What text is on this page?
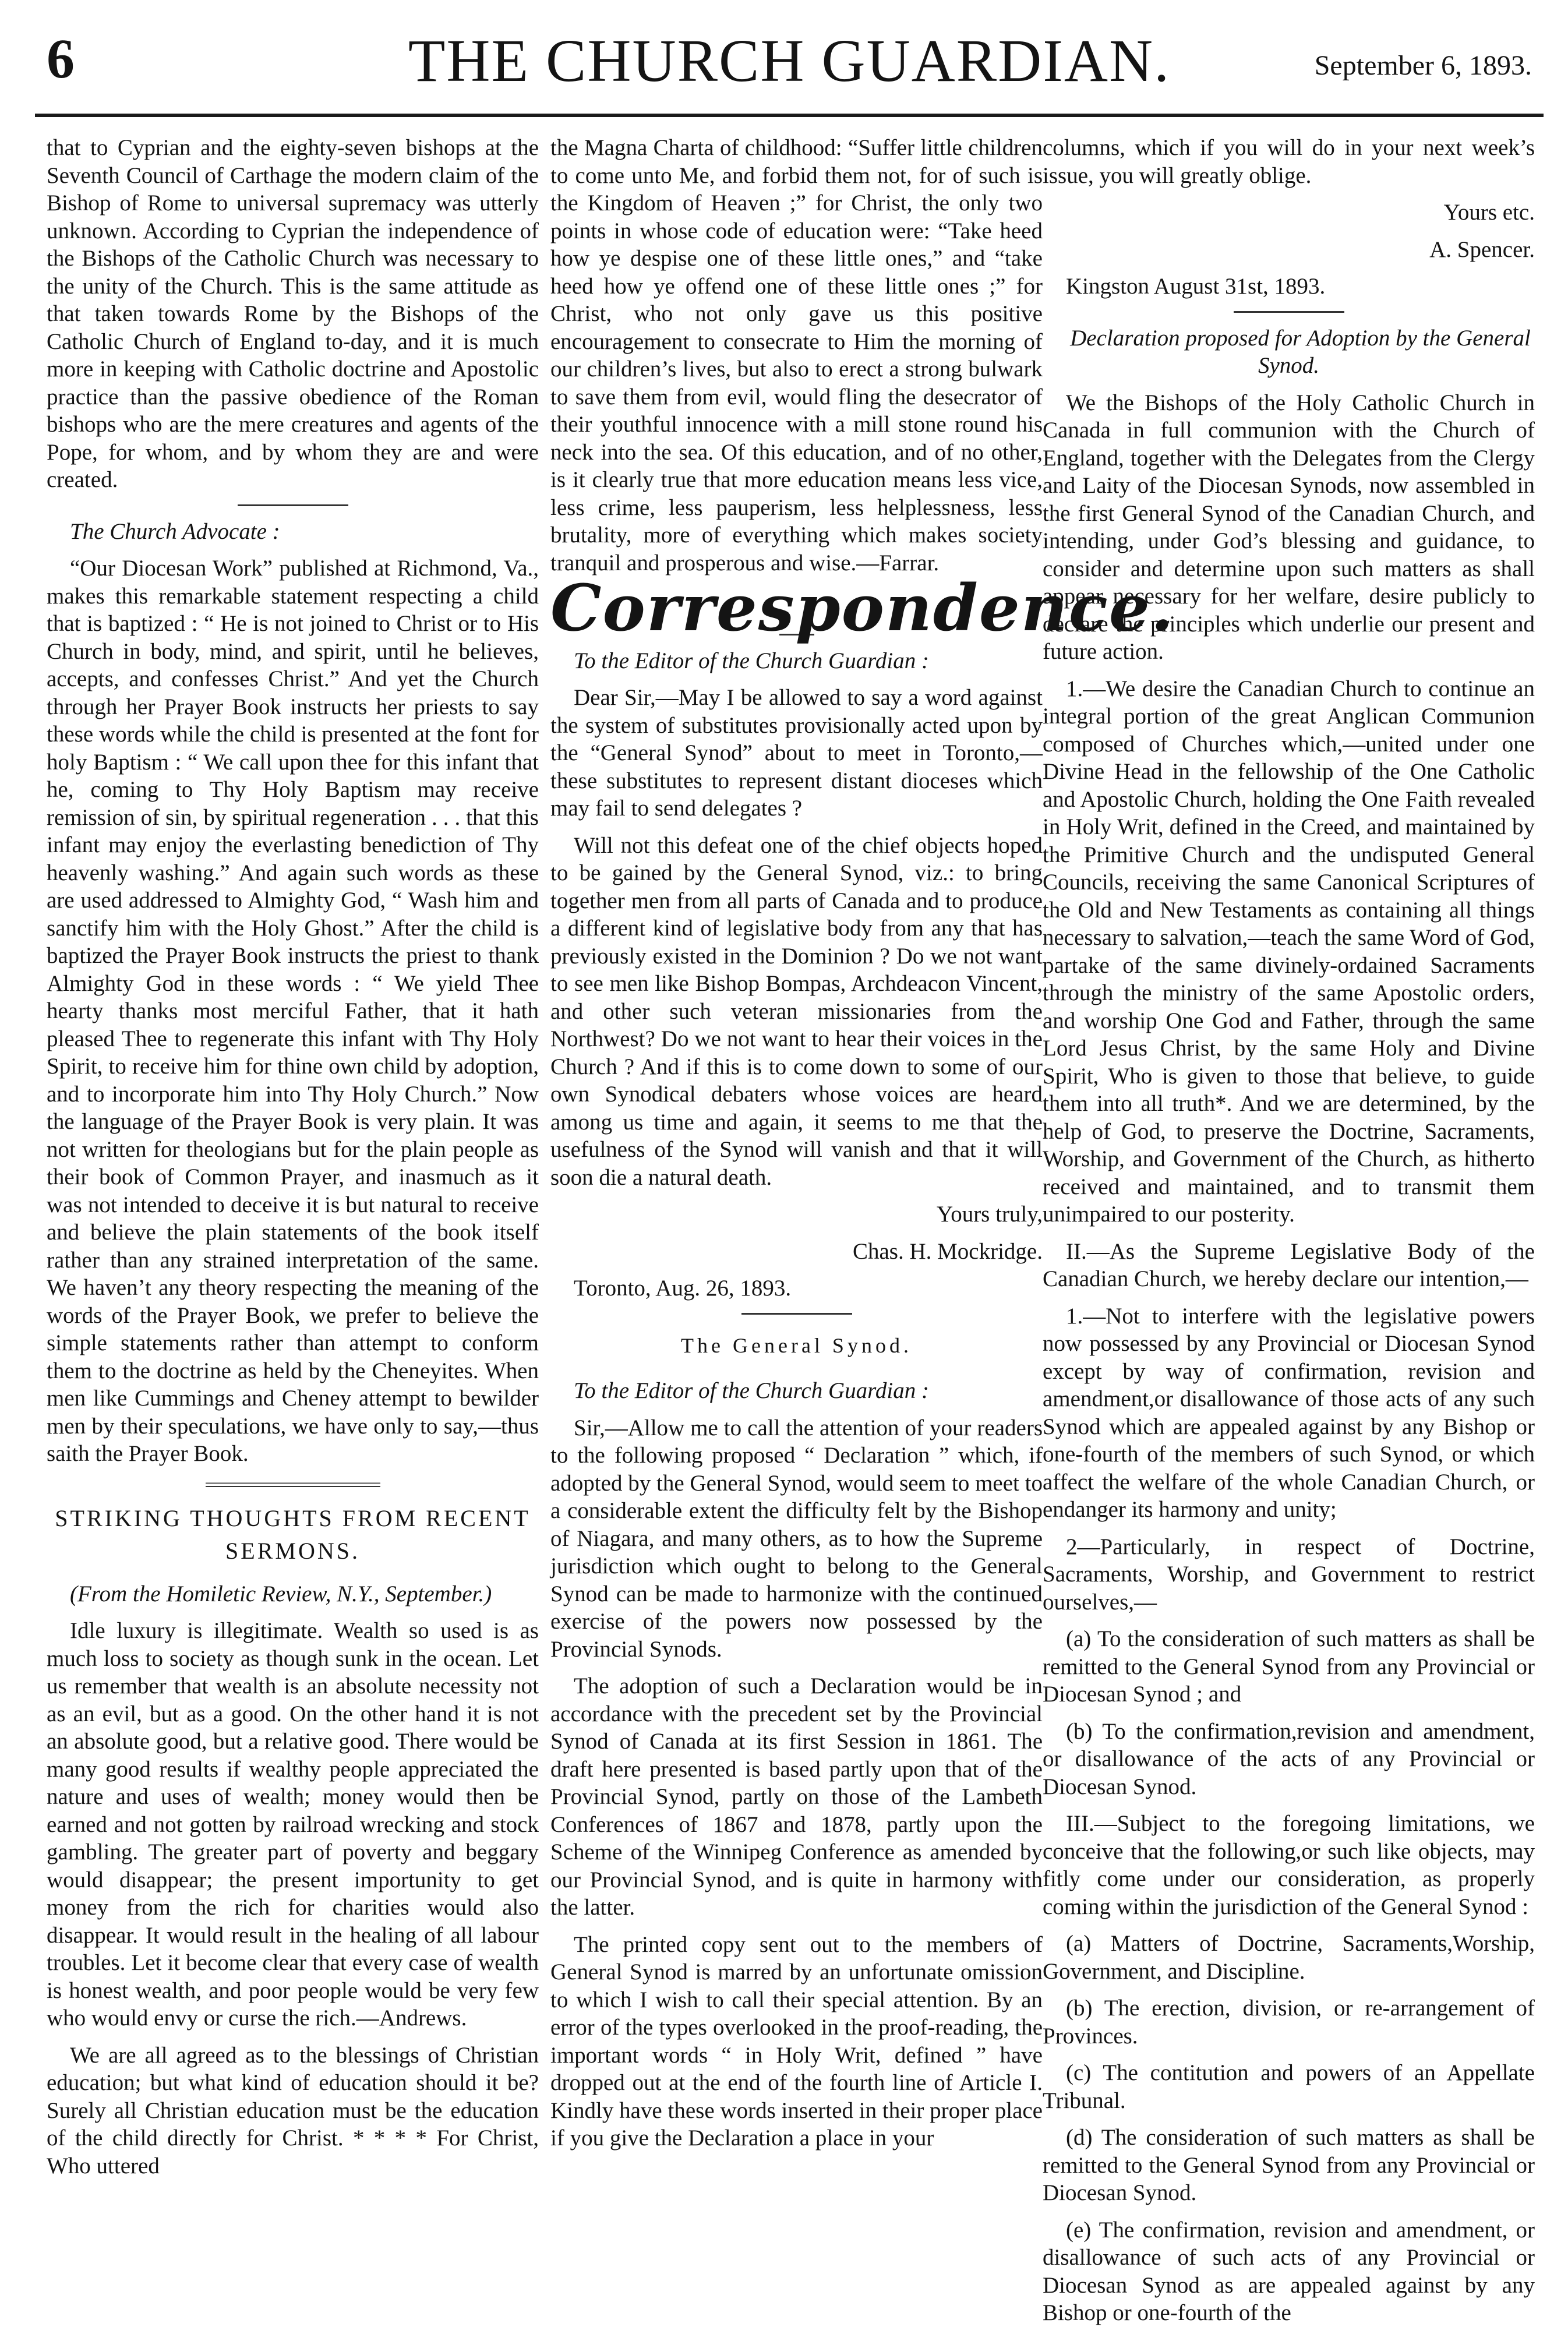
6	THE CHURCH GUARDIAN.	September 6, 1893.

that to Cyprian and the eighty-seven bishops at the Seventh Council of Carthage the modern claim of the Bishop of Rome to universal supremacy was utterly unknown. According to Cyprian the independence of the Bishops of the Catholic Church was necessary to the unity of the Church. This is the same attitude as that taken towards Rome by the Bishops of the Catholic Church of England to-day, and it is much more in keeping with Catholic doctrine and Apostolic practice than the passive obedience of the Roman bishops who are the mere creatures and agents of the Pope, for whom, and by whom they are and were created.

The Church Advocate :

“Our Diocesan Work” published at Richmond, Va., makes this remarkable statement respecting a child that is baptized : “ He is not joined to Christ or to His Church in body, mind, and spirit, until he believes, accepts, and confesses Christ.” And yet the Church through her Prayer Book instructs her priests to say these words while the child is presented at the font for holy Baptism : “ We call upon thee for this infant that he, coming to Thy Holy Baptism may receive remission of sin, by spiritual regeneration . . . that this infant may enjoy the everlasting benediction of Thy heavenly washing.” And again such words as these are used addressed to Almighty God, “ Wash him and sanctify him with the Holy Ghost.” After the child is baptized the Prayer Book instructs the priest to thank Almighty God in these words : “ We yield Thee hearty thanks most merciful Father, that it hath pleased Thee to regenerate this infant with Thy Holy Spirit, to receive him for thine own child by adoption, and to incorporate him into Thy Holy Church.” Now the language of the Prayer Book is very plain. It was not written for theologians but for the plain people as their book of Common Prayer, and inasmuch as it was not intended to deceive it is but natural to receive and believe the plain statements of the book itself rather than any strained interpretation of the same. We haven’t any theory respecting the meaning of the words of the Prayer Book, we prefer to believe the simple statements rather than attempt to conform them to the doctrine as held by the Cheneyites. When men like Cummings and Cheney attempt to bewilder men by their speculations, we have only to say,—thus saith the Prayer Book.

STRIKING THOUGHTS FROM RECENT SERMONS.

(From the Homiletic Review, N.Y., September.)

Idle luxury is illegitimate. Wealth so used is as much loss to society as though sunk in the ocean. Let us remember that wealth is an absolute necessity not as an evil, but as a good. On the other hand it is not an absolute good, but a relative good. There would be many good results if wealthy people appreciated the nature and uses of wealth; money would then be earned and not gotten by railroad wrecking and stock gambling. The greater part of poverty and beggary would disappear; the present importunity to get money from the rich for charities would also disappear. It would result in the healing of all labour troubles. Let it become clear that every case of wealth is honest wealth, and poor people would be very few who would envy or curse the rich.—Andrews.

We are all agreed as to the blessings of Christian education; but what kind of education should it be? Surely all Christian education must be the education of the child directly for Christ. * * * * For Christ, Who uttered

the Magna Charta of childhood: “Suffer little children to come unto Me, and forbid them not, for of such is the Kingdom of Heaven ;” for Christ, the only two points in whose code of education were: “Take heed how ye despise one of these little ones,” and “take heed how ye offend one of these little ones ;” for Christ, who not only gave us this positive encouragement to consecrate to Him the morning of our children’s lives, but also to erect a strong bulwark to save them from evil, would fling the desecrator of their youthful innocence with a mill stone round his neck into the sea. Of this education, and of no other, is it clearly true that more education means less vice, less crime, less pauperism, less helplessness, less brutality, more of everything which makes society tranquil and prosperous and wise.—Farrar.

Correspondence.

To the Editor of the Church Guardian :

Dear Sir,—May I be allowed to say a word against the system of substitutes provisionally acted upon by the “General Synod” about to meet in Toronto,—these substitutes to represent distant dioceses which may fail to send delegates ?

Will not this defeat one of the chief objects hoped to be gained by the General Synod, viz.: to bring together men from all parts of Canada and to produce a different kind of legislative body from any that has previously existed in the Dominion ? Do we not want to see men like Bishop Bompas, Archdeacon Vincent, and other such veteran missionaries from the Northwest? Do we not want to hear their voices in the Church ? And if this is to come down to some of our own Synodical debaters whose voices are heard among us time and again, it seems to me that the usefulness of the Synod will vanish and that it will soon die a natural death.

Yours truly,

Chas. H. Mockridge.

Toronto, Aug. 26, 1893.

The General Synod.

To the Editor of the Church Guardian :

Sir,—Allow me to call the attention of your readers to the following proposed “ Declaration ” which, if adopted by the General Synod, would seem to meet to a considerable extent the difficulty felt by the Bishop of Niagara, and many others, as to how the Supreme jurisdiction which ought to belong to the General Synod can be made to harmonize with the continued exercise of the powers now possessed by the Provincial Synods.

The adoption of such a Declaration would be in accordance with the precedent set by the Provincial Synod of Canada at its first Session in 1861. The draft here presented is based partly upon that of the Provincial Synod, partly on those of the Lambeth Conferences of 1867 and 1878, partly upon the Scheme of the Winnipeg Conference as amended by our Provincial Synod, and is quite in harmony with the latter.

The printed copy sent out to the members of General Synod is marred by an unfortunate omission to which I wish to call their special attention. By an error of the types overlooked in the proof-reading, the important words “ in Holy Writ, defined ” have dropped out at the end of the fourth line of Article I. Kindly have these words inserted in their proper place if you give the Declaration a place in your

columns, which if you will do in your next week’s issue, you will greatly oblige.

Yours etc.

A. Spencer.

Kingston August 31st, 1893.

Declaration proposed for Adoption by the General Synod.

We the Bishops of the Holy Catholic Church in Canada in full communion with the Church of England, together with the Delegates from the Clergy and Laity of the Diocesan Synods, now assembled in the first General Synod of the Canadian Church, and intending, under God’s blessing and guidance, to consider and determine upon such matters as shall appear necessary for her welfare, desire publicly to declare the principles which underlie our present and future action.

1.—We desire the Canadian Church to continue an integral portion of the great Anglican Communion composed of Churches which,—united under one Divine Head in the fellowship of the One Catholic and Apostolic Church, holding the One Faith revealed in Holy Writ, defined in the Creed, and maintained by the Primitive Church and the undisputed General Councils, receiving the same Canonical Scriptures of the Old and New Testaments as containing all things necessary to salvation,—teach the same Word of God, partake of the same divinely-ordained Sacraments through the ministry of the same Apostolic orders, and worship One God and Father, through the same Lord Jesus Christ, by the same Holy and Divine Spirit, Who is given to those that believe, to guide them into all truth*. And we are determined, by the help of God, to preserve the Doctrine, Sacraments, Worship, and Government of the Church, as hitherto received and maintained, and to transmit them unimpaired to our posterity.

II.—As the Supreme Legislative Body of the Canadian Church, we hereby declare our intention,—

1.—Not to interfere with the legislative powers now possessed by any Provincial or Diocesan Synod except by way of confirmation, revision and amendment,or disallowance of those acts of any such Synod which are appealed against by any Bishop or one-fourth of the members of such Synod, or which affect the welfare of the whole Canadian Church, or endanger its harmony and unity;

2—Particularly, in respect of Doctrine, Sacraments, Worship, and Government to restrict ourselves,—

(a) To the consideration of such matters as shall be remitted to the General Synod from any Provincial or Diocesan Synod ; and

(b) To the confirmation,revision and amendment, or disallowance of the acts of any Provincial or Diocesan Synod.

III.—Subject to the foregoing limitations, we conceive that the following,or such like objects, may fitly come under our consideration, as properly coming within the jurisdiction of the General Synod :

(a) Matters of Doctrine, Sacraments,Worship, Government, and Discipline.

(b) The erection, division, or re-arrangement of Provinces.

(c) The contitution and powers of an Appellate Tribunal.

(d) The consideration of such matters as shall be remitted to the General Synod from any Provincial or Diocesan Synod.

(e) The confirmation, revision and amendment, or disallowance of such acts of any Provincial or Diocesan Synod as are appealed against by any Bishop or one-fourth of the
